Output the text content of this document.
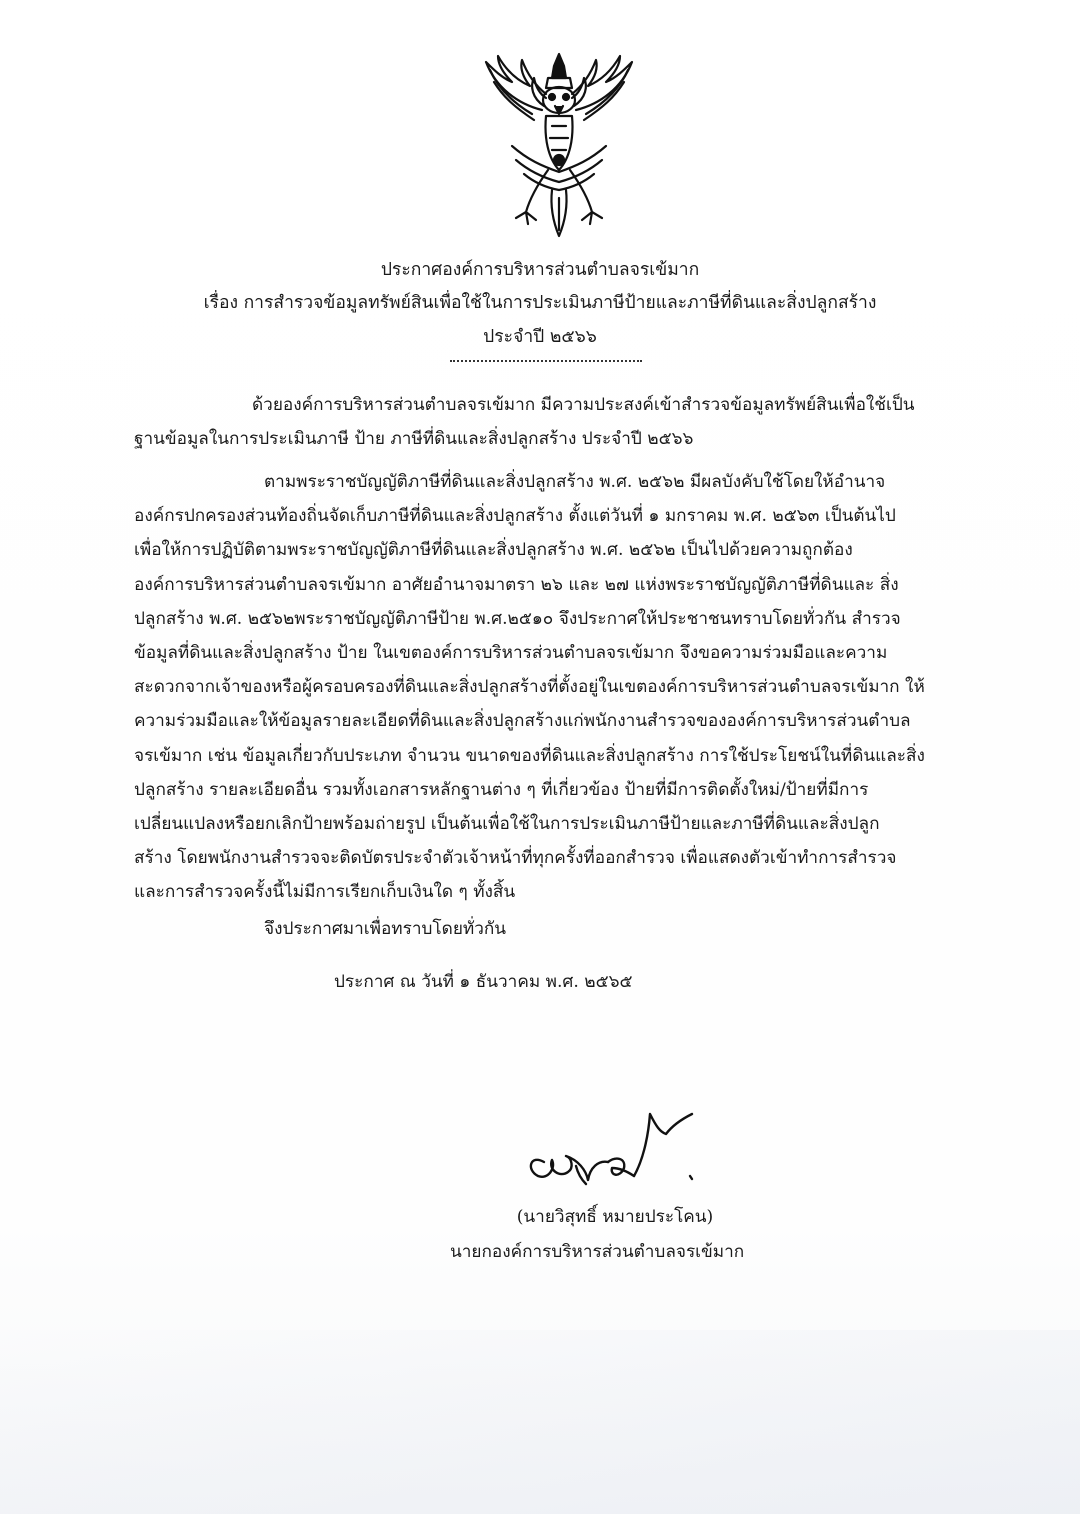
ประกาศองค์การบริหารส่วนตำบลจรเข้มาก
เรื่อง การสำรวจข้อมูลทรัพย์สินเพื่อใช้ในการประเมินภาษีป้ายและภาษีที่ดินและสิ่งปลูกสร้าง
ประจำปี ๒๕๖๖
ด้วยองค์การบริหารส่วนตำบลจรเข้มาก มีความประสงค์เข้าสำรวจข้อมูลทรัพย์สินเพื่อใช้เป็น
ฐานข้อมูลในการประเมินภาษี ป้าย ภาษีที่ดินและสิ่งปลูกสร้าง ประจำปี ๒๕๖๖
ตามพระราชบัญญัติภาษีที่ดินและสิ่งปลูกสร้าง พ.ศ. ๒๕๖๒ มีผลบังคับใช้โดยให้อำนาจ
องค์กรปกครองส่วนท้องถิ่นจัดเก็บภาษีที่ดินและสิ่งปลูกสร้าง ตั้งแต่วันที่ ๑ มกราคม พ.ศ. ๒๕๖๓ เป็นต้นไป
เพื่อให้การปฏิบัติตามพระราชบัญญัติภาษีที่ดินและสิ่งปลูกสร้าง พ.ศ. ๒๕๖๒ เป็นไปด้วยความถูกต้อง
องค์การบริหารส่วนตำบลจรเข้มาก อาศัยอำนาจมาตรา ๒๖ และ ๒๗ แห่งพระราชบัญญัติภาษีที่ดินและ สิ่ง
ปลูกสร้าง พ.ศ. ๒๕๖๒พระราชบัญญัติภาษีป้าย พ.ศ.๒๕๑๐ จึงประกาศให้ประชาชนทราบโดยทั่วกัน สำรวจ
ข้อมูลที่ดินและสิ่งปลูกสร้าง ป้าย ในเขตองค์การบริหารส่วนตำบลจรเข้มาก จึงขอความร่วมมือและความ
สะดวกจากเจ้าของหรือผู้ครอบครองที่ดินและสิ่งปลูกสร้างที่ตั้งอยู่ในเขตองค์การบริหารส่วนตำบลจรเข้มาก ให้
ความร่วมมือและให้ข้อมูลรายละเอียดที่ดินและสิ่งปลูกสร้างแก่พนักงานสำรวจขององค์การบริหารส่วนตำบล
จรเข้มาก เช่น ข้อมูลเกี่ยวกับประเภท จำนวน ขนาดของที่ดินและสิ่งปลูกสร้าง การใช้ประโยชน์ในที่ดินและสิ่ง
ปลูกสร้าง รายละเอียดอื่น รวมทั้งเอกสารหลักฐานต่าง ๆ ที่เกี่ยวข้อง ป้ายที่มีการติดตั้งใหม่/ป้ายที่มีการ
เปลี่ยนแปลงหรือยกเลิกป้ายพร้อมถ่ายรูป เป็นต้นเพื่อใช้ในการประเมินภาษีป้ายและภาษีที่ดินและสิ่งปลูก
สร้าง โดยพนักงานสำรวจจะติดบัตรประจำตัวเจ้าหน้าที่ทุกครั้งที่ออกสำรวจ เพื่อแสดงตัวเข้าทำการสำรวจ
และการสำรวจครั้งนี้ไม่มีการเรียกเก็บเงินใด ๆ ทั้งสิ้น
จึงประกาศมาเพื่อทราบโดยทั่วกัน
ประกาศ ณ วันที่ ๑ ธันวาคม พ.ศ. ๒๕๖๕
(นายวิสุทธิ์ หมายประโคน)
นายกองค์การบริหารส่วนตำบลจรเข้มาก
